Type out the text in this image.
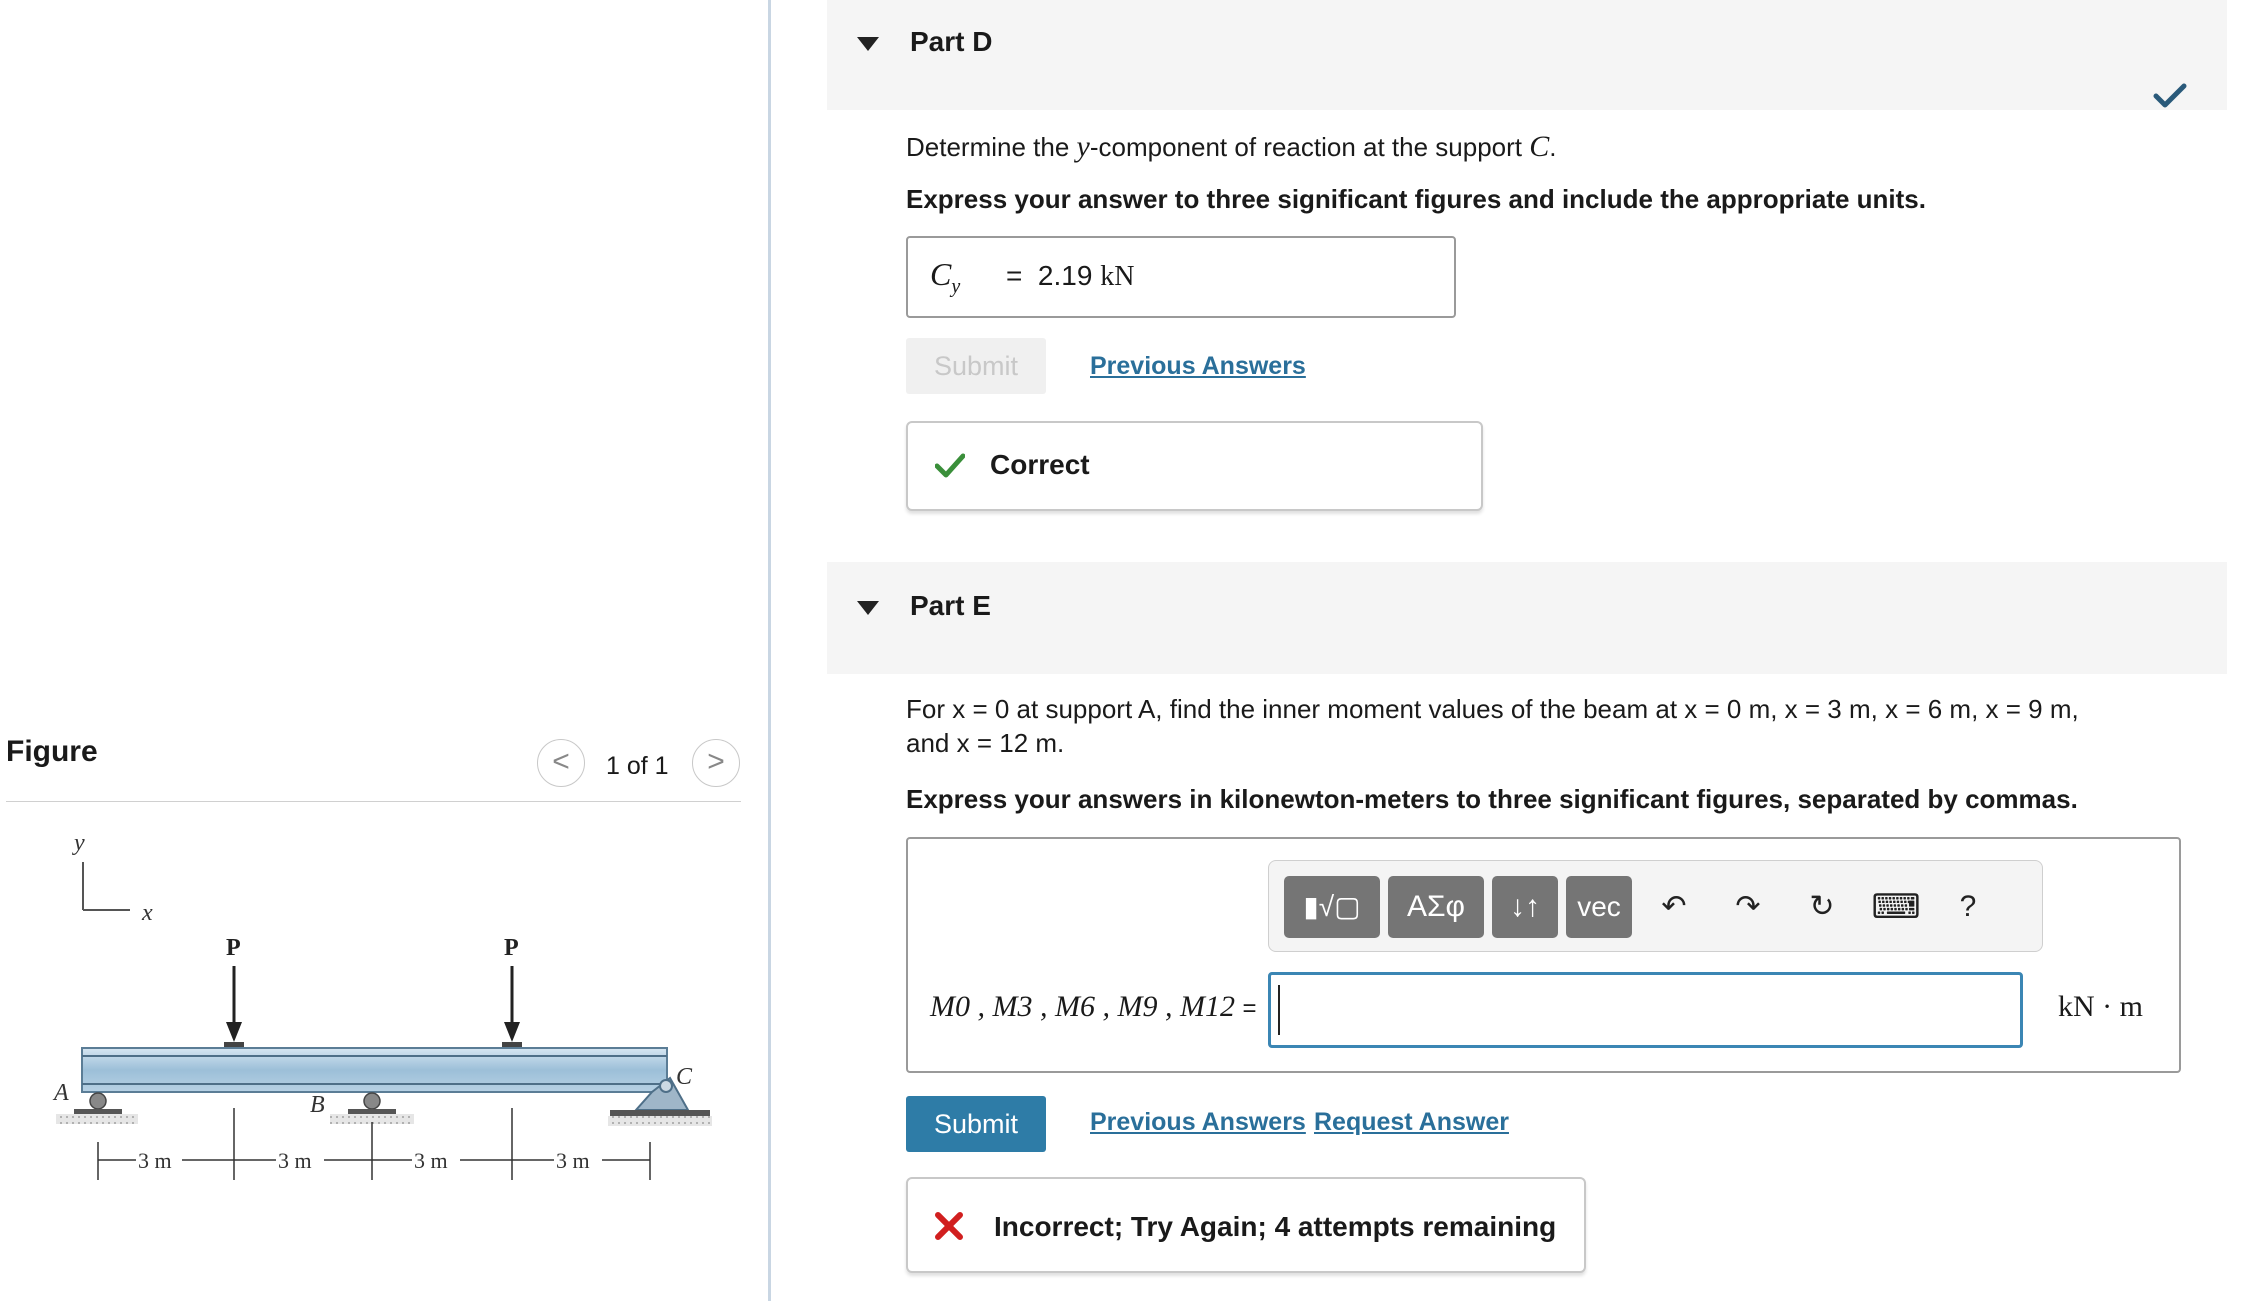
Figure	<	1 of 1	>
y
x
P	P
A	B
C
3 m	3 m	3 m	3 m
Part D
Determine the y-component of reaction at the support C.
Express your answer to three significant figures and include the appropriate units.
$C_y = 2.19$ kN
Submit	Previous Answers
Correct
Part E
For x = 0 at support A, find the inner moment values of the beam at x = 0 m, x = 3 m, x = 6 m, x = 9 m,
and x = 12 m.
Express your answers in kilonewton-meters to three significant figures, separated by commas.
▮√▢	ΑΣφ	↓↑	vec	↶	↷	↻	⌨	?
M0 , M3 , M6 , M9 , M12 =	kN · m
Submit	Previous Answers Request Answer
Incorrect; Try Again; 4 attempts remaining
